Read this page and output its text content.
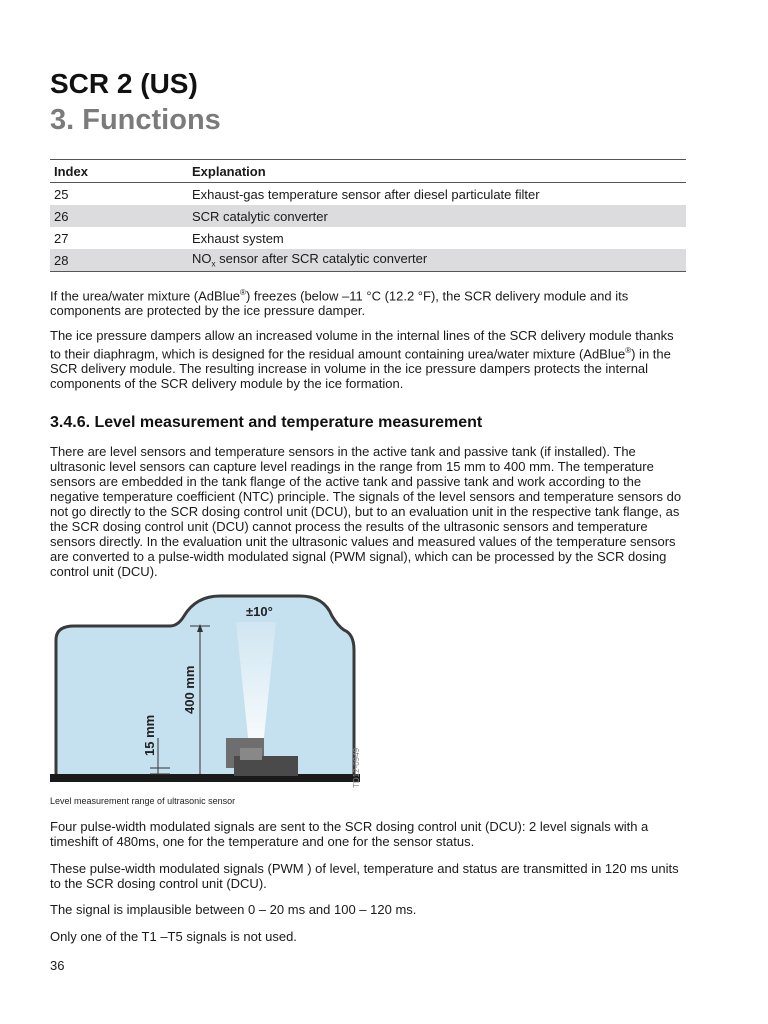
SCR 2 (US)
3. Functions
Index	Explanation
25	Exhaust-gas temperature sensor after diesel particulate filter
26	SCR catalytic converter
27	Exhaust system
28	$NO_x$ sensor after SCR catalytic converter

If the urea/water mixture (AdBlue®) freezes (below –11 °C (12.2 °F), the SCR delivery module and its components are protected by the ice pressure damper.

The ice pressure dampers allow an increased volume in the internal lines of the SCR delivery module thanks to their diaphragm, which is designed for the residual amount containing urea/water mixture (AdBlue®) in the SCR delivery module. The resulting increase in volume in the ice pressure dampers protects the internal components of the SCR delivery module by the ice formation.

3.4.6. Level measurement and temperature measurement

There are level sensors and temperature sensors in the active tank and passive tank (if installed). The ultrasonic level sensors can capture level readings in the range from 15 mm to 400 mm. The temperature sensors are embedded in the tank flange of the active tank and passive tank and work according to the negative temperature coefficient (NTC) principle. The signals of the level sensors and temperature sensors do not go directly to the SCR dosing control unit (DCU), but to an evaluation unit in the respective tank flange, as the SCR dosing control unit (DCU) cannot process the results of the ultrasonic sensors and temperature sensors directly. In the evaluation unit the ultrasonic values and measured values of the temperature sensors are converted to a pulse-width modulated signal (PWM signal), which can be processed by the SCR dosing control unit (DCU).

400 mm
15 mm
±10°
TD12-0949
Level measurement range of ultrasonic sensor

Four pulse-width modulated signals are sent to the SCR dosing control unit (DCU): 2 level signals with a timeshift of 480ms, one for the temperature and one for the sensor status.

These pulse-width modulated signals (PWM ) of level, temperature and status are transmitted in 120 ms units to the SCR dosing control unit (DCU).

The signal is implausible between 0 – 20 ms and 100 – 120 ms.

Only one of the T1 –T5 signals is not used.

36
